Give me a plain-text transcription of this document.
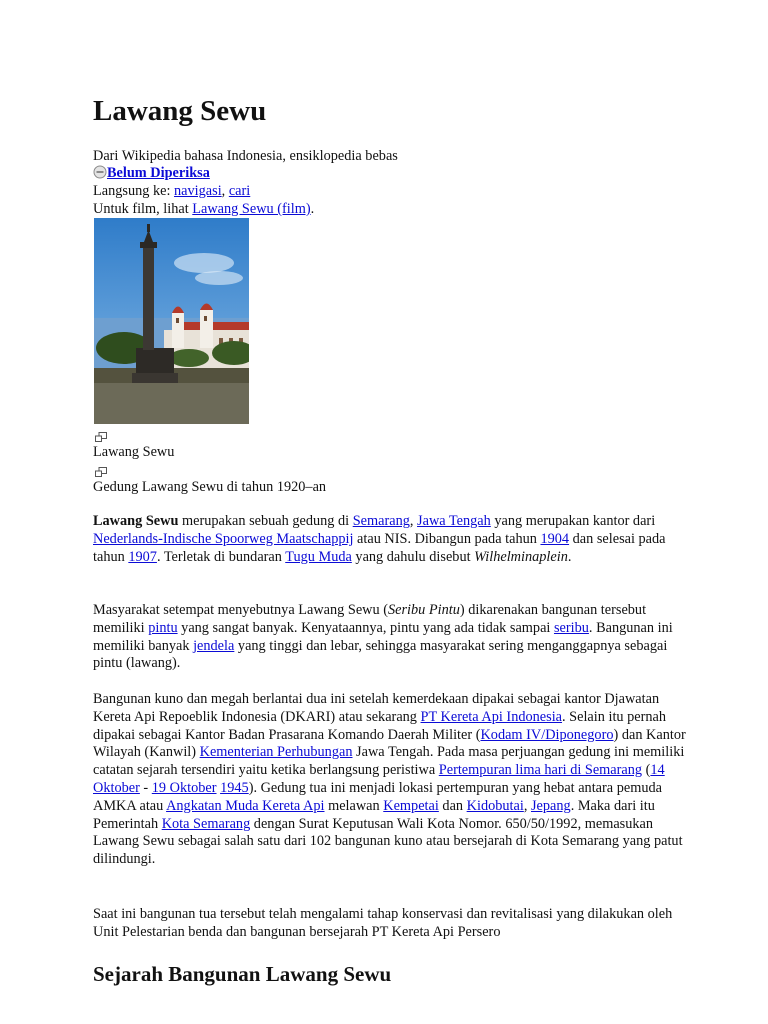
Lawang Sewu
Dari Wikipedia bahasa Indonesia, ensiklopedia bebas
Belum Diperiksa
Langsung ke: navigasi, cari
Untuk film, lihat Lawang Sewu (film).
Lawang Sewu
Gedung Lawang Sewu di tahun 1920–an

Lawang Sewu merupakan sebuah gedung di Semarang, Jawa Tengah yang merupakan kantor dari Nederlands-Indische Spoorweg Maatschappij atau NIS. Dibangun pada tahun 1904 dan selesai pada tahun 1907. Terletak di bundaran Tugu Muda yang dahulu disebut Wilhelminaplein.

Masyarakat setempat menyebutnya Lawang Sewu (Seribu Pintu) dikarenakan bangunan tersebut memiliki pintu yang sangat banyak. Kenyataannya, pintu yang ada tidak sampai seribu. Bangunan ini memiliki banyak jendela yang tinggi dan lebar, sehingga masyarakat sering menganggapnya sebagai pintu (lawang).

Bangunan kuno dan megah berlantai dua ini setelah kemerdekaan dipakai sebagai kantor Djawatan Kereta Api Repoeblik Indonesia (DKARI) atau sekarang PT Kereta Api Indonesia. Selain itu pernah dipakai sebagai Kantor Badan Prasarana Komando Daerah Militer (Kodam IV/Diponegoro) dan Kantor Wilayah (Kanwil) Kementerian Perhubungan Jawa Tengah. Pada masa perjuangan gedung ini memiliki catatan sejarah tersendiri yaitu ketika berlangsung peristiwa Pertempuran lima hari di Semarang (14 Oktober - 19 Oktober 1945). Gedung tua ini menjadi lokasi pertempuran yang hebat antara pemuda AMKA atau Angkatan Muda Kereta Api melawan Kempetai dan Kidobutai, Jepang. Maka dari itu Pemerintah Kota Semarang dengan Surat Keputusan Wali Kota Nomor. 650/50/1992, memasukan Lawang Sewu sebagai salah satu dari 102 bangunan kuno atau bersejarah di Kota Semarang yang patut dilindungi.

Saat ini bangunan tua tersebut telah mengalami tahap konservasi dan revitalisasi yang dilakukan oleh Unit Pelestarian benda dan bangunan bersejarah PT Kereta Api Persero

Sejarah Bangunan Lawang Sewu
